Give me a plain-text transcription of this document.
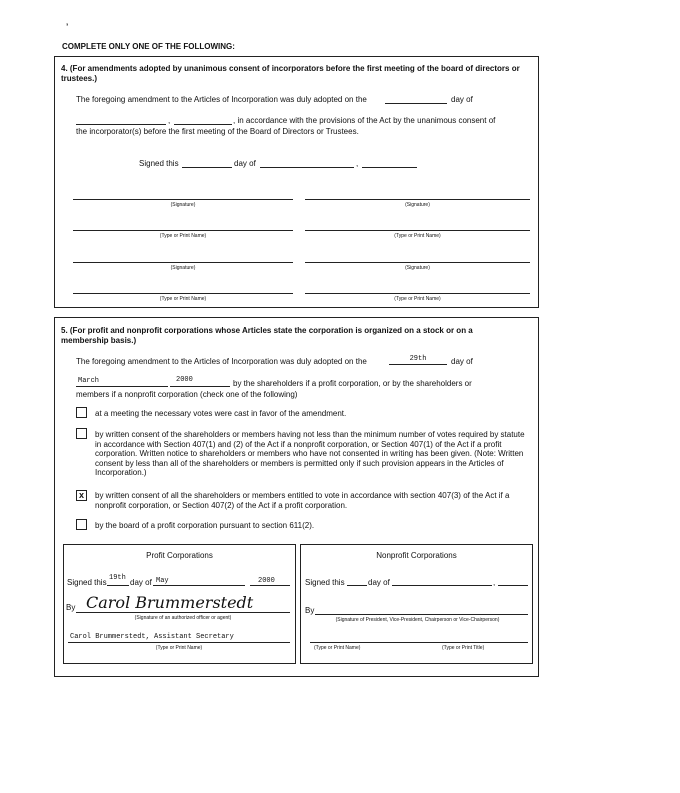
ʼ
COMPLETE ONLY ONE OF THE FOLLOWING:
4. (For amendments adopted by unanimous consent of incorporators before the first meeting of the board of directors or trustees.)
The foregoing amendment to the Articles of Incorporation was duly adopted on the	day of
,	, in accordance with the provisions of the Act by the unanimous consent of
the incorporator(s) before the first meeting of the Board of Directors or Trustees.
Signed this	day of	,
(Signature)	(Signature)
(Type or Print Name)	(Type or Print Name)
(Signature)	(Signature)
(Type or Print Name)	(Type or Print Name)
5. (For profit and nonprofit corporations whose Articles state the corporation is organized on a stock or on a membership basis.)
The foregoing amendment to the Articles of Incorporation was duly adopted on the	29th	day of
March	2000	by the shareholders if a profit corporation, or by the shareholders or
members if a nonprofit corporation (check one of the following)
at a meeting the necessary votes were cast in favor of the amendment.
by written consent of the shareholders or members having not less than the minimum number of votes required by statute in accordance with Section 407(1) and (2) of the Act if a nonprofit corporation, or Section 407(1) of the Act if a profit corporation. Written notice to shareholders or members who have not consented in writing has been given. (Note: Written consent by less than all of the shareholders or members is permitted only if such provision appears in the Articles of Incorporation.)
x	by written consent of all the shareholders or members entitled to vote in accordance with section 407(3) of the Act if a nonprofit corporation, or Section 407(2) of the Act if a profit corporation.
by the board of a profit corporation pursuant to section 611(2).
Profit Corporations
Signed this 19th day of May	2000
By Carol Brummerstedt
(Signature of an authorized officer or agent)
Carol Brummerstedt, Assistant Secretary
(Type or Print Name)
Nonprofit Corporations
Signed this	day of	,
By
(Signature of President, Vice-President, Chairperson or Vice-Chairperson)
(Type or Print Name)	(Type or Print Title)
